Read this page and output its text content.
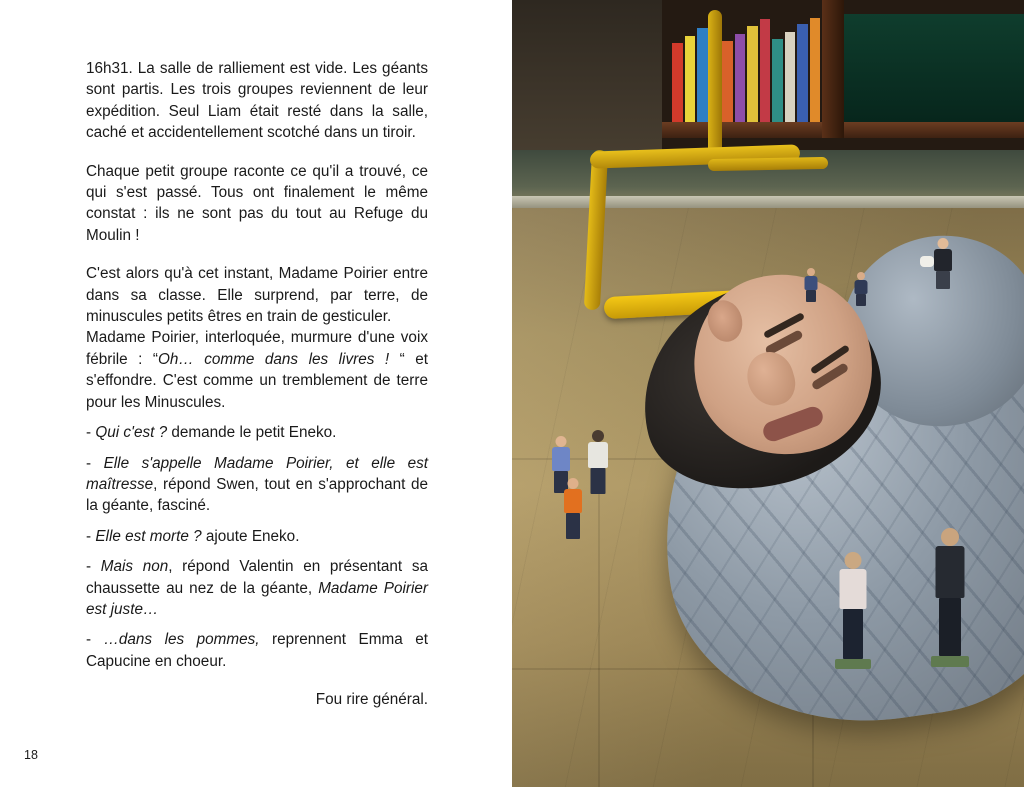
16h31. La salle de ralliement est vide. Les géants sont partis. Les trois groupes reviennent de leur expédition. Seul Liam était resté dans la salle, caché et accidentellement scotché dans un tiroir.

Chaque petit groupe raconte ce qu'il a trouvé, ce qui s'est passé. Tous ont finalement le même constat : ils ne sont pas du tout au Refuge du Moulin !

C'est alors qu'à cet instant, Madame Poirier entre dans sa classe. Elle surprend, par terre, de minuscules petits êtres en train de gesticuler.

Madame Poirier, interloquée, murmure d'une voix fébrile : “Oh… comme dans les livres ! “ et s'effondre. C'est comme un tremblement de terre pour les Minuscules.

- Qui c'est ? demande le petit Eneko.

- Elle s'appelle Madame Poirier, et elle est maîtresse, répond Swen, tout en s'approchant de la géante, fasciné.

- Elle est morte ? ajoute Eneko.

- Mais non, répond Valentin en présentant sa chaussette au nez de la géante, Madame Poirier est juste…

- …dans les pommes, reprennent Emma et Capucine en choeur.

Fou rire général.

18
